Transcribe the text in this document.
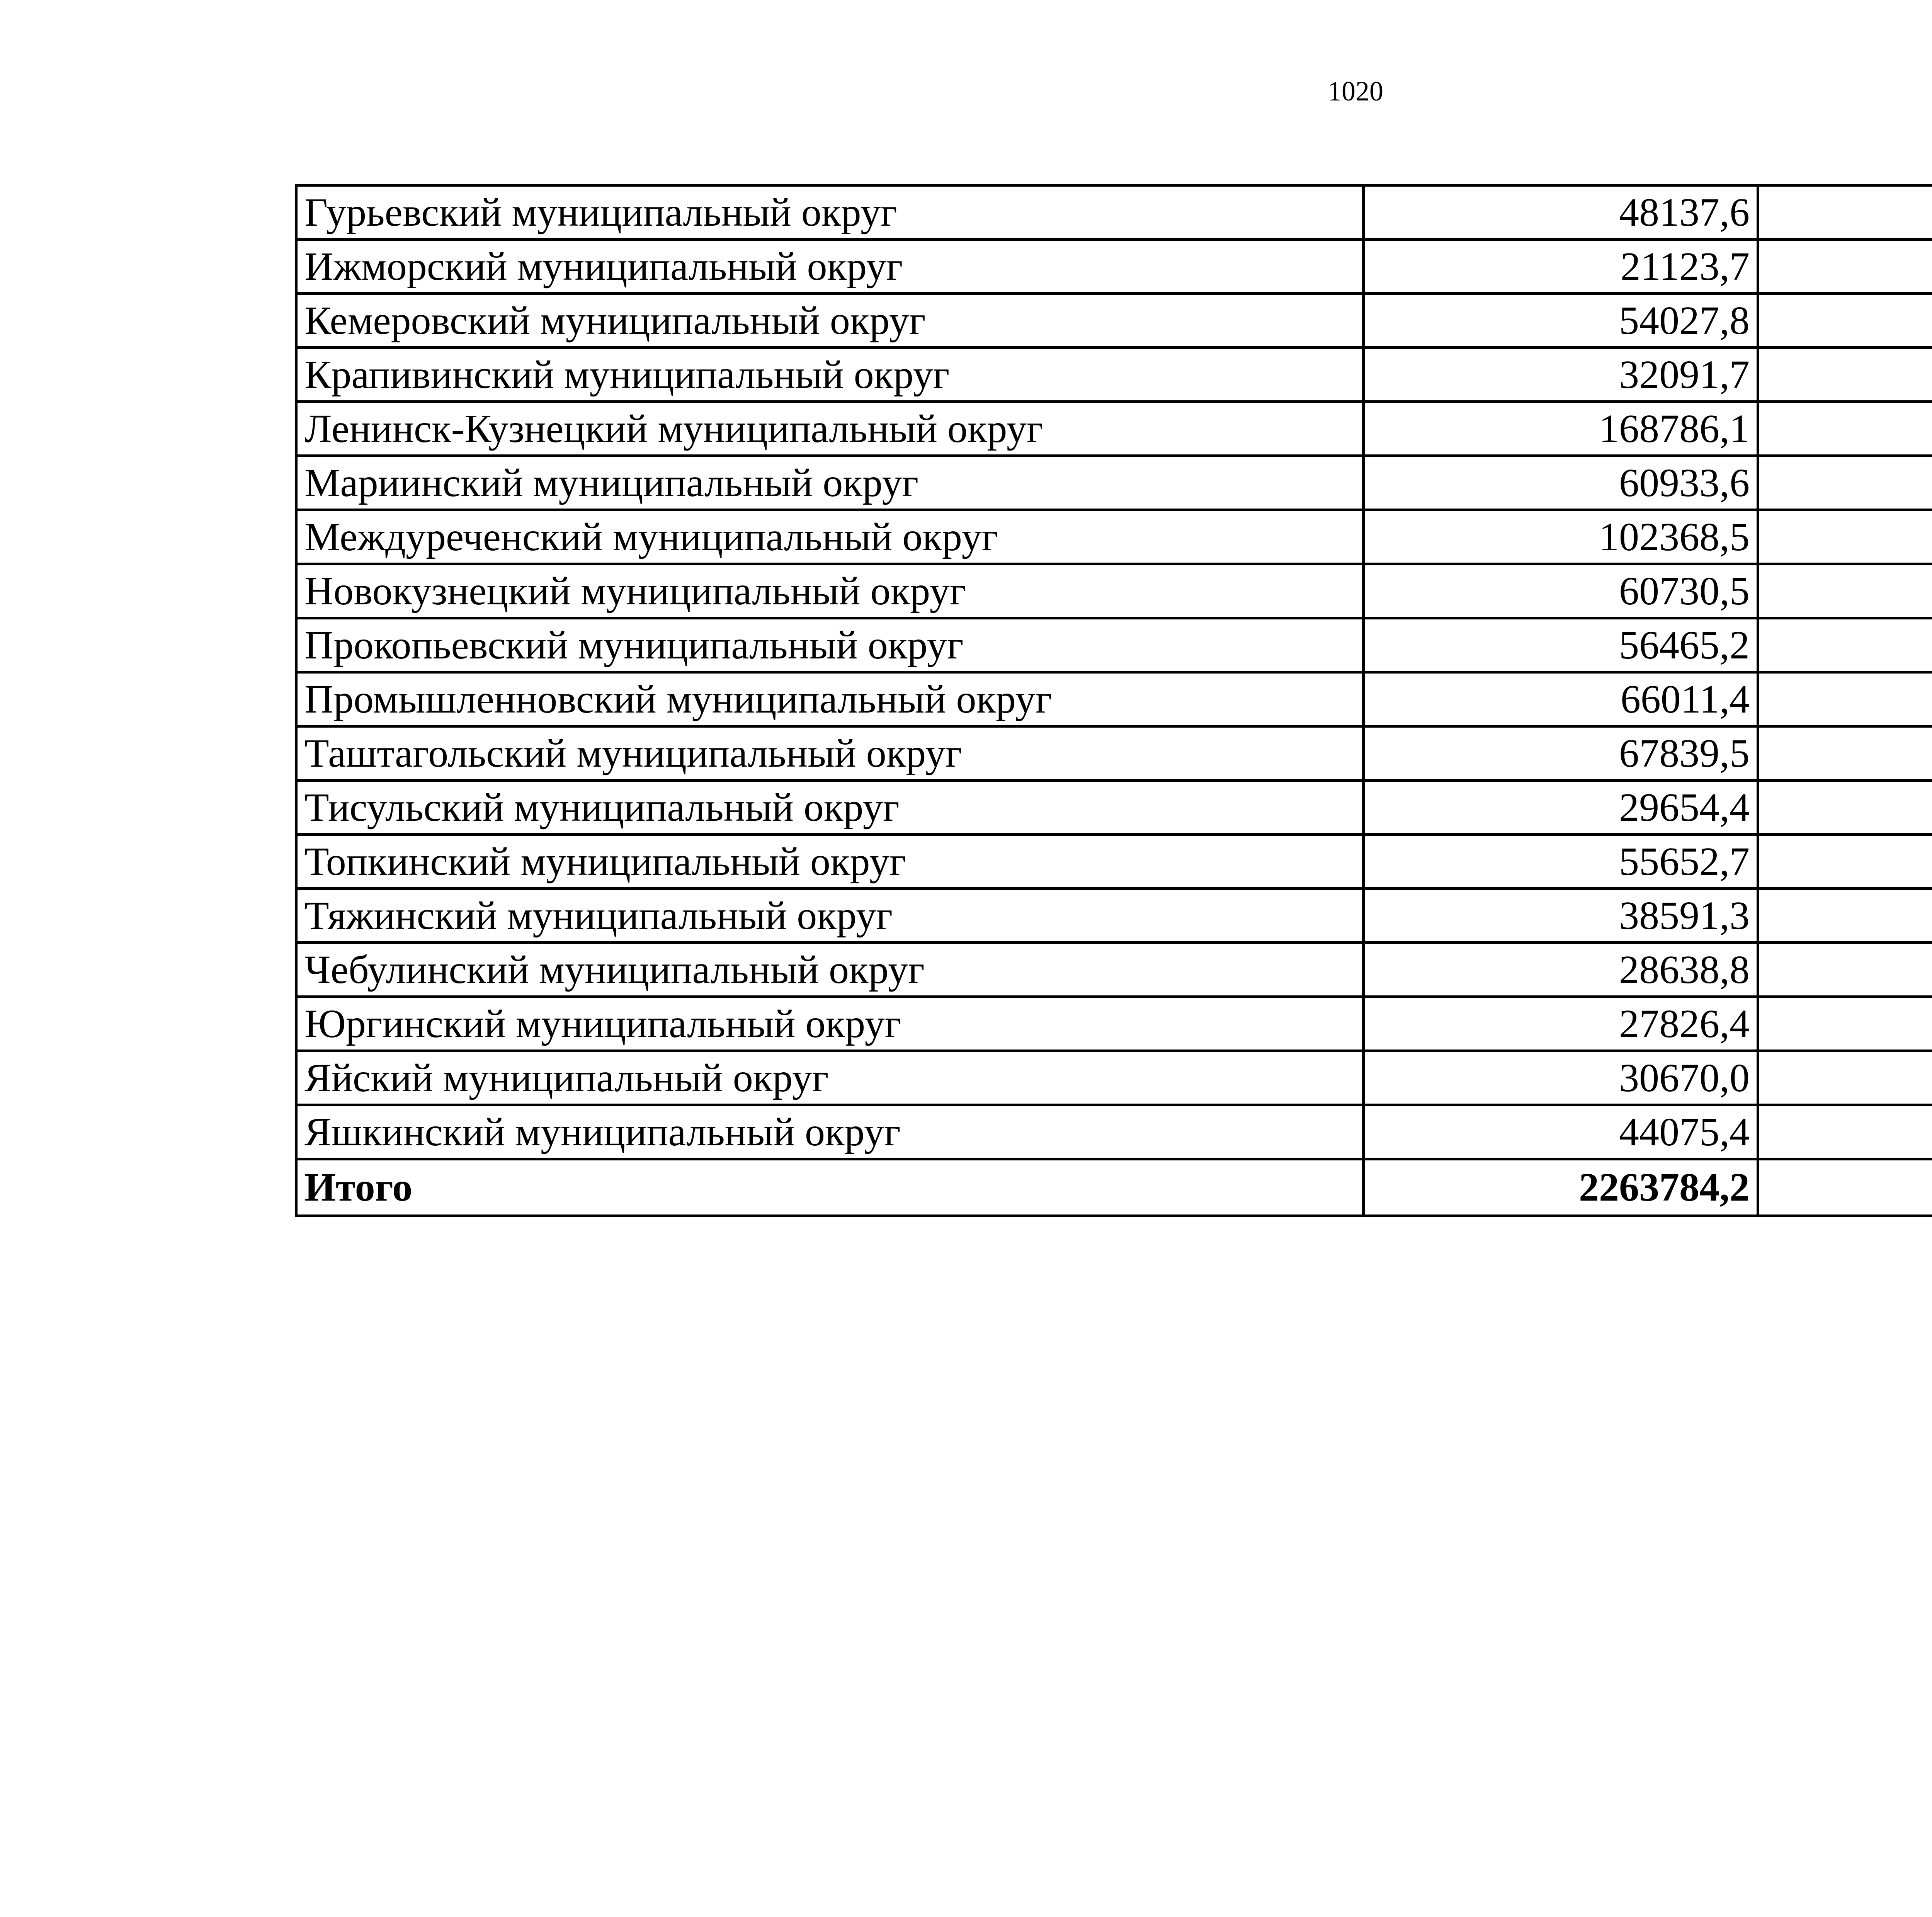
1020
Гурьевский муниципальный округ	48137,6		
Ижморский муниципальный округ	21123,7		
Кемеровский муниципальный округ	54027,8		
Крапивинский муниципальный округ	32091,7		
Ленинск-Кузнецкий муниципальный округ	168786,1		
Мариинский муниципальный округ	60933,6		
Междуреченский муниципальный округ	102368,5		
Новокузнецкий муниципальный округ	60730,5		
Прокопьевский муниципальный округ	56465,2		
Промышленновский муниципальный округ	66011,4		
Таштагольский муниципальный округ	67839,5		
Тисульский муниципальный округ	29654,4		
Топкинский муниципальный округ	55652,7		
Тяжинский муниципальный округ	38591,3		
Чебулинский муниципальный округ	28638,8		
Юргинский муниципальный округ	27826,4		
Яйский муниципальный округ	30670,0		
Яшкинский муниципальный округ	44075,4		
Итого	2263784,2		
